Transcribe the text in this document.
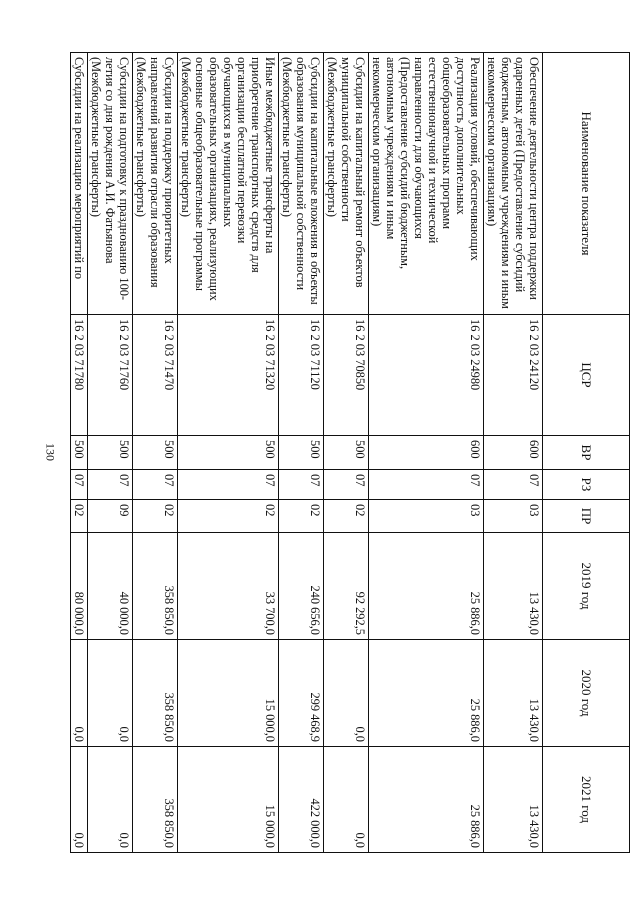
130
Наименование показателя	ЦСР	ВР	РЗ	ПР	2019 год	2020 год	2021 год
Обеспечение деятельности центра поддержки одаренных детей (Предоставление субсидий бюджетным, автономным учреждениям и иным некоммерческим организациям)	16 2 03 24120	600	07	03	13 430,0	13 430,0	13 430,0
Реализация условий, обеспечивающих доступность дополнительных общеобразовательных программ естественнонаучной и технической направленности для обучающихся (Предоставление субсидий бюджетным, автономным учреждениям и иным некоммерческим организациям)	16 2 03 24980	600	07	03	25 886,0	25 886,0	25 886,0
Субсидии на капитальный ремонт объектов муниципальной собственности (Межбюджетные трансферты)	16 2 03 70850	500	07	02	92 292,5	0,0	0,0
Субсидии на капитальные вложения в объекты образования муниципальной собственности (Межбюджетные трансферты)	16 2 03 71120	500	07	02	240 656,0	299 468,9	422 000,0
Иные межбюджетные трансферты на приобретение транспортных средств для организации бесплатной перевозки обучающихся в муниципальных образовательных организациях, реализующих основные общеобразовательные программы (Межбюджетные трансферты)	16 2 03 71320	500	07	02	33 700,0	15 000,0	15 000,0
Субсидии на поддержку приоритетных направлений развития отрасли образования (Межбюджетные трансферты)	16 2 03 71470	500	07	02	358 850,0	358 850,0	358 850,0
Субсидии на подготовку к празднованию 100-летия со дня рождения А.И. Фатьянова (Межбюджетные трансферты)	16 2 03 71760	500	07	09	40 000,0	0,0	0,0
Субсидии на реализацию мероприятий по	16 2 03 71780	500	07	02	80 000,0	0,0	0,0
